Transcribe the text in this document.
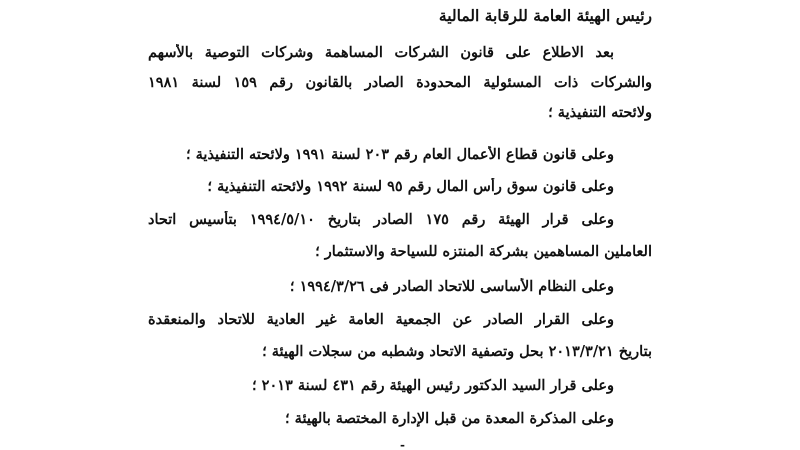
رئيس الهيئة العامة للرقابة المالية
بعد الاطلاع على قانون الشركات المساهمة وشركات التوصية بالأسهم
والشركات ذات المسئولية المحدودة الصادر بالقانون رقم ١٥٩ لسنة ١٩٨١
ولائحته التنفيذية ؛
وعلى قانون قطاع الأعمال العام رقم ٢٠٣ لسنة ١٩٩١ ولائحته التنفيذية ؛
وعلى قانون سوق رأس المال رقم ٩٥ لسنة ١٩٩٢ ولائحته التنفيذية ؛
وعلى قرار الهيئة رقم ١٧٥ الصادر بتاريخ ١٩٩٤/٥/١٠ بتأسيس اتحاد
العاملين المساهمين بشركة المنتزه للسياحة والاستثمار ؛
وعلى النظام الأساسى للاتحاد الصادر فى ١٩٩٤/٣/٢٦ ؛
وعلى القرار الصادر عن الجمعية العامة غير العادية للاتحاد والمنعقدة
بتاريخ ٢٠١٣/٣/٢١ بحل وتصفية الاتحاد وشطبه من سجلات الهيئة ؛
وعلى قرار السيد الدكتور رئيس الهيئة رقم ٤٣١ لسنة ٢٠١٣ ؛
وعلى المذكرة المعدة من قبل الإدارة المختصة بالهيئة ؛
-
